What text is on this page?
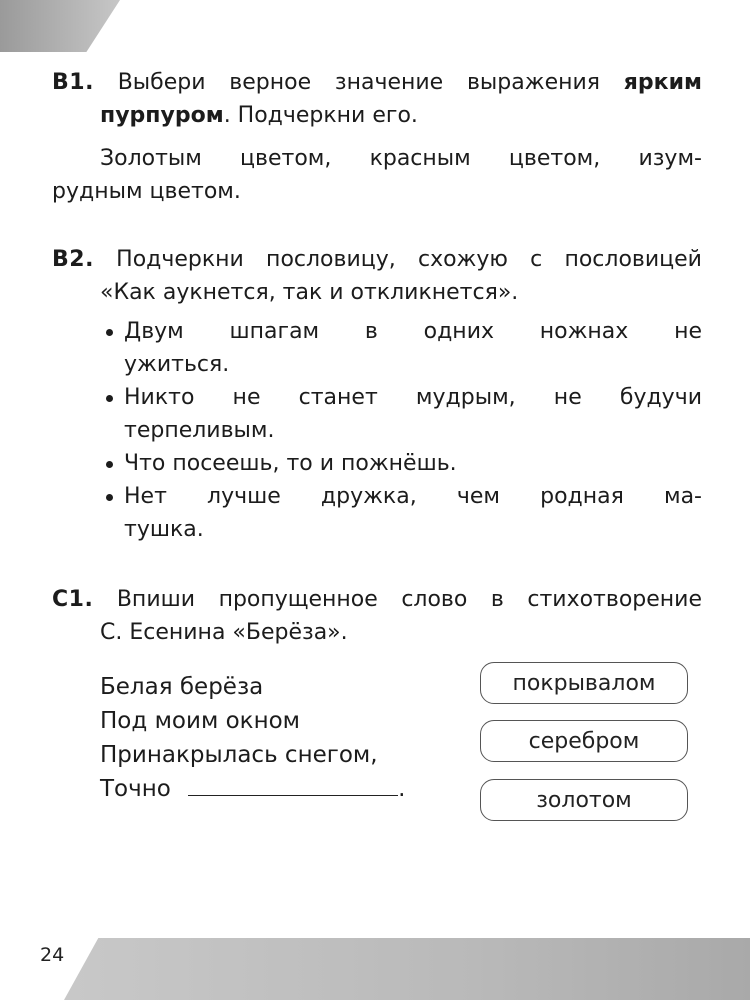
В1. Выбери верное значение выражения ярким

пурпуром. Подчеркни его.

Золотым цветом, красным цветом, изум-

рудным цветом.

В2. Подчеркни пословицу, схожую с пословицей

«Как аукнется, так и откликнется».

Двум шпагам в одних ножнах не
ужиться.
Никто не станет мудрым, не будучи
терпеливым.
Что посеешь, то и пожнёшь.
Нет лучше дружка, чем родная ма-
тушка.

С1. Впиши пропущенное слово в стихотворение

С. Есенина «Берёза».

Белая берёза
Под моим окном
Принакрылась снегом,
Точно	.
покрывалом
серебром
золотом
24
